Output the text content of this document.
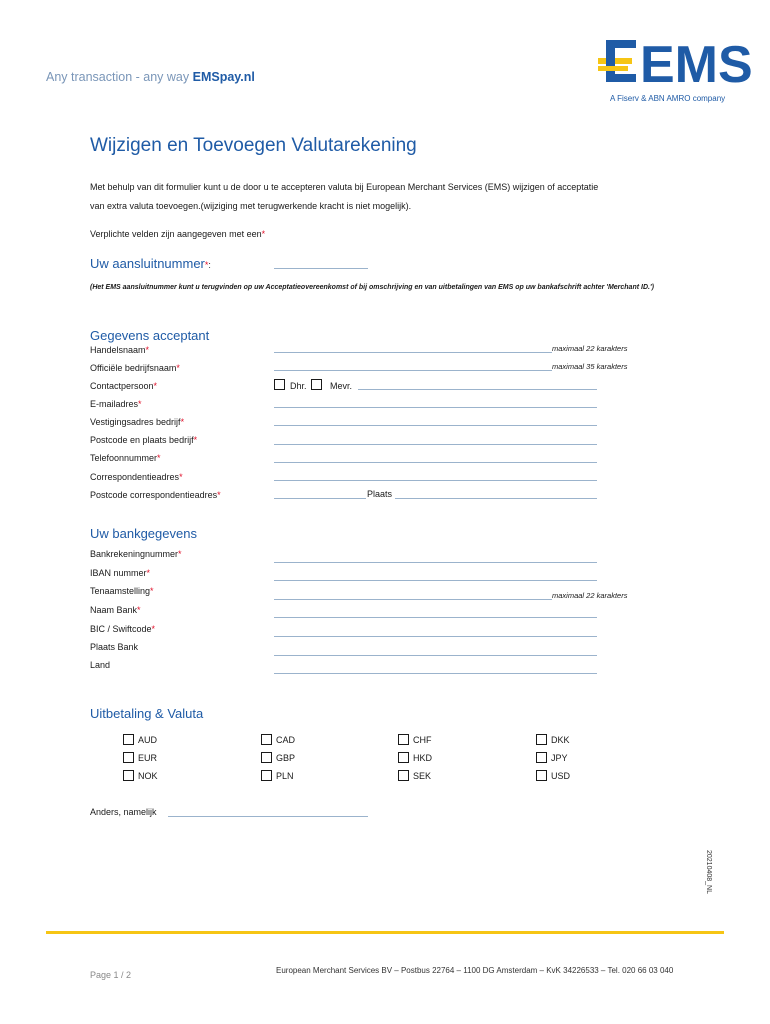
Any transaction - any way EMSpay.nl	EMS
A Fiserv & ABN AMRO company
Wijzigen en Toevoegen Valutarekening
Met behulp van dit formulier kunt u de door u te accepteren valuta bij European Merchant Services (EMS) wijzigen of acceptatie
van extra valuta toevoegen.(wijziging met terugwerkende kracht is niet mogelijk).
Verplichte velden zijn aangegeven met een*
Uw aansluitnummer*:
(Het EMS aansluitnummer kunt u terugvinden op uw Acceptatieovereenkomst of bij omschrijving en van uitbetalingen van EMS op uw bankafschrift achter 'Merchant ID.')
Gegevens acceptant
Handelsnaam*	maximaal 22 karakters
Officiële bedrijfsnaam*	maximaal 35 karakters
Contactpersoon*	Dhr.	Mevr.
E-mailadres*
Vestigingsadres bedrijf*
Postcode en plaats bedrijf*
Telefoonnummer*
Correspondentieadres*
Postcode correspondentieadres*	Plaats
Uw bankgegevens
Bankrekeningnummer*
IBAN nummer*
Tenaamstelling*	maximaal 22 karakters
Naam Bank*
BIC / Swiftcode*
Plaats Bank
Land
Uitbetaling & Valuta
AUD	CAD	CHF	DKK
EUR	GBP	HKD	JPY
NOK	PLN	SEK	USD
Anders, namelijk
20210408_NL
Page 1 / 2	European Merchant Services BV – Postbus 22764 – 1100 DG Amsterdam – KvK 34226533 – Tel. 020 66 03 040
